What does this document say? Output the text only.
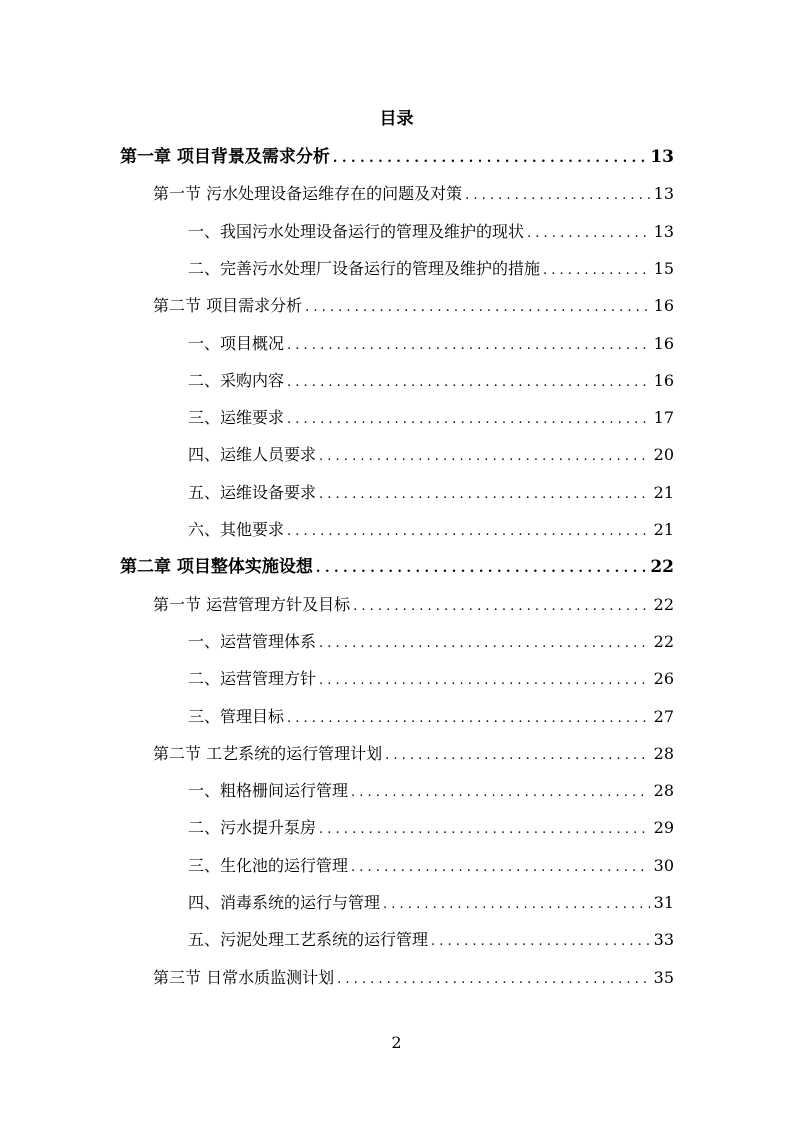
目录
第一章 项目背景及需求分析 . . .	13
第一节 污水处理设备运维存在的问题及对策 . . .	13
一、我国污水处理设备运行的管理及维护的现状 . . .	13
二、完善污水处理厂设备运行的管理及维护的措施 . . .	15
第二节 项目需求分析 . . .	16
一、项目概况 . . .	16
二、采购内容 . . .	16
三、运维要求 . . .	17
四、运维人员要求 . . .	20
五、运维设备要求 . . .	21
六、其他要求 . . .	21
第二章 项目整体实施设想 . . .	22
第一节 运营管理方针及目标 . . .	22
一、运营管理体系 . . .	22
二、运营管理方针 . . .	26
三、管理目标 . . .	27
第二节 工艺系统的运行管理计划 . . .	28
一、粗格栅间运行管理 . . .	28
二、污水提升泵房 . . .	29
三、生化池的运行管理 . . .	30
四、消毒系统的运行与管理 . . .	31
五、污泥处理工艺系统的运行管理 . . .	33
第三节 日常水质监测计划 . . .	35
2
